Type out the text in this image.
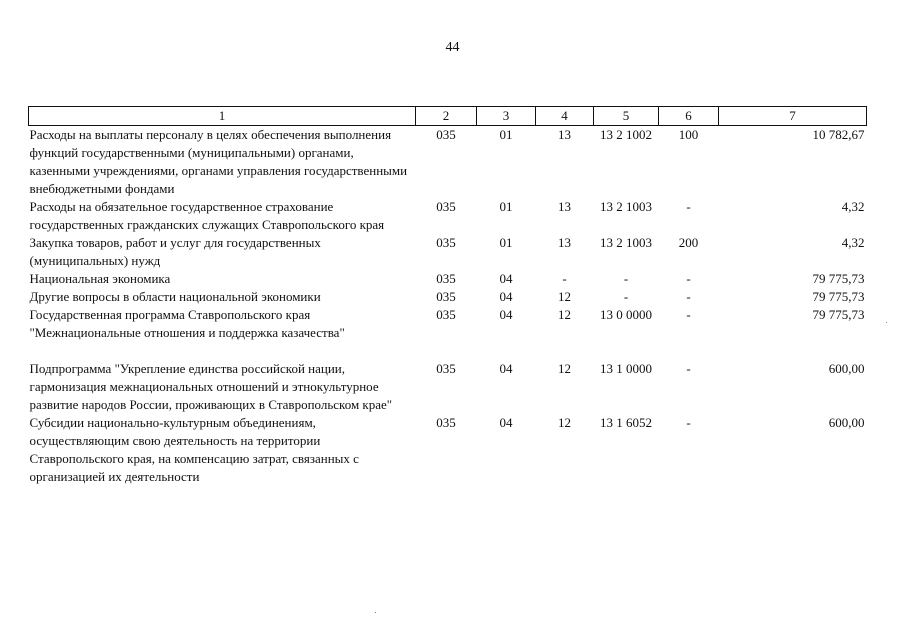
44
1	2	3	4	5	6	7
Расходы на выплаты персоналу в целях обеспечения выполнения функций государственными (муниципальными) органами, казенными учреждениями, органами управления государственными внебюджетными фондами	035	01	13	13 2 1002	100	10 782,67
Расходы на обязательное государственное страхование государственных гражданских служащих Ставропольского края	035	01	13	13 2 1003	-	4,32
Закупка товаров, работ и услуг для государственных (муниципальных) нужд	035	01	13	13 2 1003	200	4,32
Национальная экономика	035	04	-	-	-	79 775,73
Другие вопросы в области национальной экономики	035	04	12	-	-	79 775,73
Государственная программа Ставропольского края "Межнациональные отношения и поддержка казачества"	035	04	12	13 0 0000	-	79 775,73

Подпрограмма "Укрепление единства российской нации, гармонизация межнациональных отношений и этнокультурное развитие народов России, проживающих в Ставропольском крае"	035	04	12	13 1 0000	-	600,00
Субсидии национально-культурным объединениям, осуществляющим свою деятельность на территории Ставропольского края, на компенсацию затрат, связанных с организацией их деятельности	035	04	12	13 1 6052	-	600,00
